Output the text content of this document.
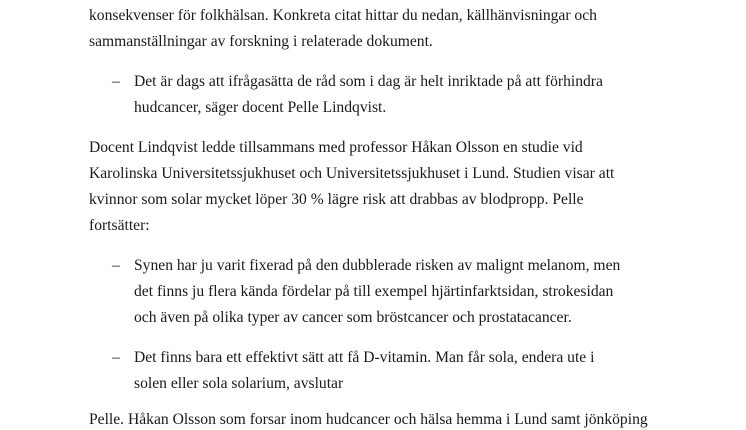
konsekvenser för folkhälsan. Konkreta citat hittar du nedan, källhänvisningar och
sammanställningar av forskning i relaterade dokument.
– Det är dags att ifrågasätta de råd som i dag är helt inriktade på att förhindra
hudcancer, säger docent Pelle Lindqvist.
Docent Lindqvist ledde tillsammans med professor Håkan Olsson en studie vid
Karolinska Universitetssjukhuset och Universitetssjukhuset i Lund. Studien visar att
kvinnor som solar mycket löper 30 % lägre risk att drabbas av blodpropp. Pelle
fortsätter:
– Synen har ju varit fixerad på den dubblerade risken av malignt melanom, men
det finns ju flera kända fördelar på till exempel hjärtinfarktsidan, strokesidan
och även på olika typer av cancer som bröstcancer och prostatacancer.
– Det finns bara ett effektivt sätt att få D-vitamin. Man får sola, endera ute i
solen eller sola solarium, avslutar
Pelle. Håkan Olsson som forsar inom hudcancer och hälsa hemma i Lund samt jönköping
